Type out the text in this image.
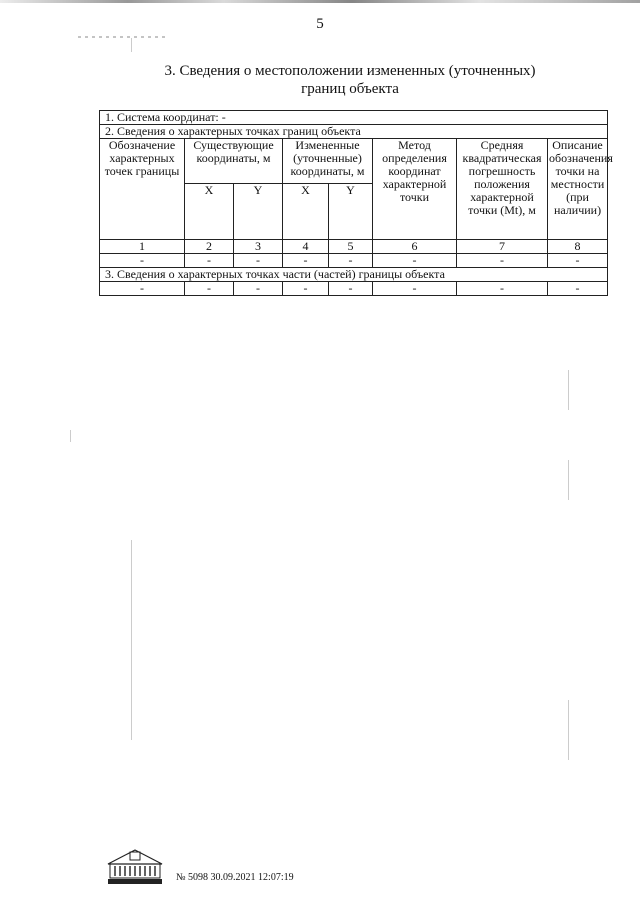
5
3. Сведения о местоположении измененных (уточненных)
границ объекта
1. Система координат: -							
2. Сведения о характерных точках границ объекта							
Обозначение характерных точек границы	Существующие координаты, м		Измененные (уточненные) координаты, м		Метод определения координат характерной точки	Средняя квадратическая погрешность положения характерной точки (Mt), м	Описание обозначения точки на местности (при наличии)
	X	Y	X	Y			
1	2	3	4	5	6	7	8
-	-	-	-	-	-	-	-
3. Сведения о характерных точках части (частей) границы объекта							
-	-	-	-	-	-	-	-
№ 5098 30.09.2021 12:07:19
